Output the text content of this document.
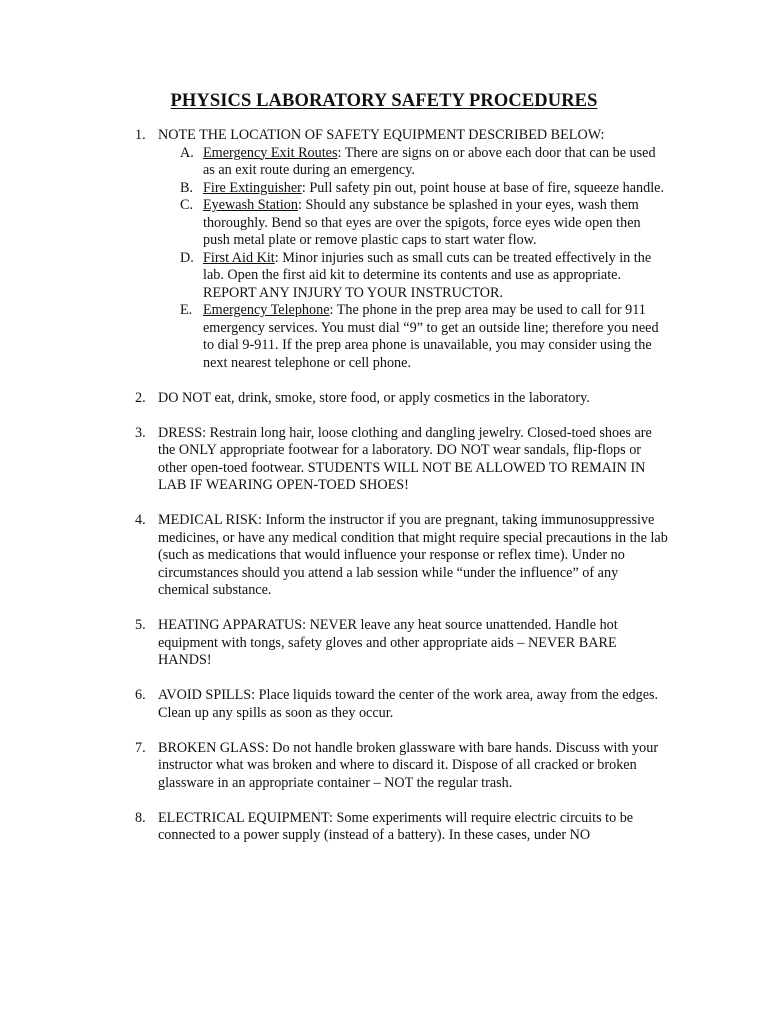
PHYSICS LABORATORY SAFETY PROCEDURES
1. NOTE THE LOCATION OF SAFETY EQUIPMENT DESCRIBED BELOW:
A. Emergency Exit Routes: There are signs on or above each door that can be used as an exit route during an emergency.
B. Fire Extinguisher: Pull safety pin out, point house at base of fire, squeeze handle.
C. Eyewash Station: Should any substance be splashed in your eyes, wash them thoroughly. Bend so that eyes are over the spigots, force eyes wide open then push metal plate or remove plastic caps to start water flow.
D. First Aid Kit: Minor injuries such as small cuts can be treated effectively in the lab. Open the first aid kit to determine its contents and use as appropriate. REPORT ANY INJURY TO YOUR INSTRUCTOR.
E. Emergency Telephone: The phone in the prep area may be used to call for 911 emergency services. You must dial “9” to get an outside line; therefore you need to dial 9-911. If the prep area phone is unavailable, you may consider using the next nearest telephone or cell phone.
2. DO NOT eat, drink, smoke, store food, or apply cosmetics in the laboratory.
3. DRESS: Restrain long hair, loose clothing and dangling jewelry. Closed-toed shoes are the ONLY appropriate footwear for a laboratory. DO NOT wear sandals, flip-flops or other open-toed footwear. STUDENTS WILL NOT BE ALLOWED TO REMAIN IN LAB IF WEARING OPEN-TOED SHOES!
4. MEDICAL RISK: Inform the instructor if you are pregnant, taking immunosuppressive medicines, or have any medical condition that might require special precautions in the lab (such as medications that would influence your response or reflex time). Under no circumstances should you attend a lab session while “under the influence” of any chemical substance.
5. HEATING APPARATUS: NEVER leave any heat source unattended. Handle hot equipment with tongs, safety gloves and other appropriate aids – NEVER BARE HANDS!
6. AVOID SPILLS: Place liquids toward the center of the work area, away from the edges. Clean up any spills as soon as they occur.
7. BROKEN GLASS: Do not handle broken glassware with bare hands. Discuss with your instructor what was broken and where to discard it. Dispose of all cracked or broken glassware in an appropriate container – NOT the regular trash.
8. ELECTRICAL EQUIPMENT: Some experiments will require electric circuits to be connected to a power supply (instead of a battery). In these cases, under NO
